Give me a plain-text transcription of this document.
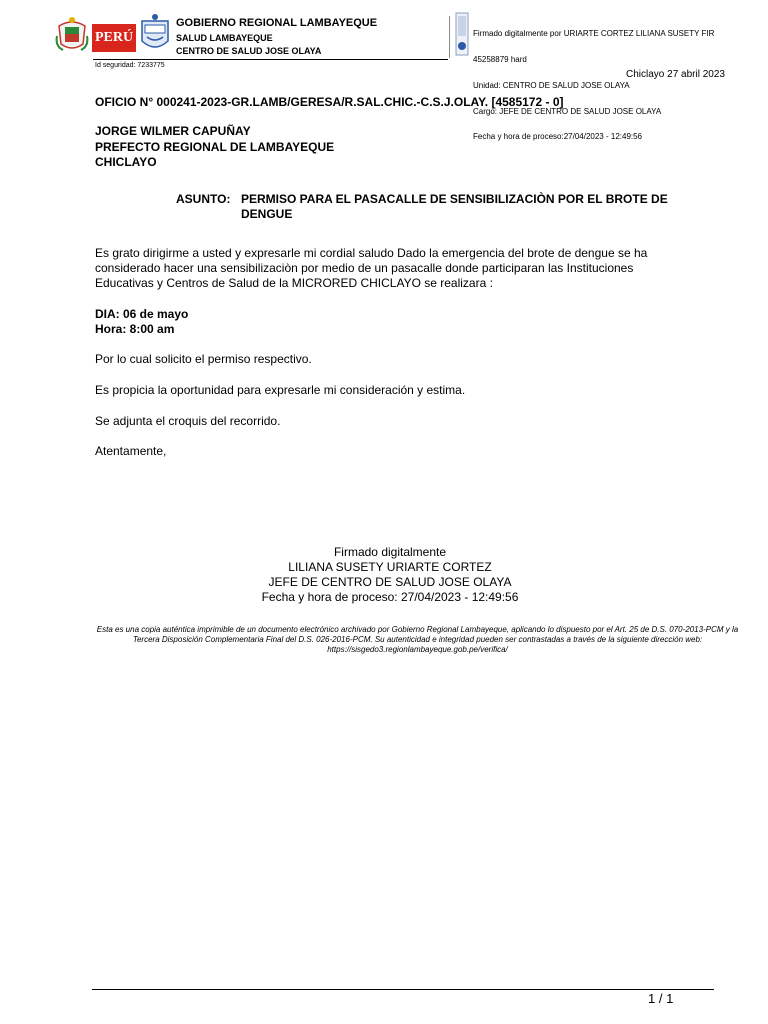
PERÚ
GOBIERNO REGIONAL LAMBAYEQUE
SALUD LAMBAYEQUE
CENTRO DE SALUD JOSE OLAYA

Firmado digitalmente por URIARTE CORTEZ LILIANA SUSETY FIR

45258879 hard

Unidad: CENTRO DE SALUD JOSE OLAYA

Cargo: JEFE DE CENTRO DE SALUD JOSE OLAYA

Fecha y hora de proceso:27/04/2023 - 12:49:56

Id seguridad: 7233775
Chiclayo 27 abril 2023
OFICIO N° 000241-2023-GR.LAMB/GERESA/R.SAL.CHIC.-C.S.J.OLAY. [4585172 - 0]
JORGE WILMER CAPUÑAY
PREFECTO REGIONAL DE LAMBAYEQUE
CHICLAYO
ASUNTO: PERMISO PARA EL PASACALLE DE SENSIBILIZACIÒN POR EL BROTE DE DENGUE
Es grato dirigirme a usted y expresarle mi cordial saludo Dado la emergencia del brote de dengue se ha considerado hacer una sensibilizaciòn por medio de un pasacalle donde participaran las Instituciones Educativas y Centros de Salud de la MICRORED CHICLAYO se realizara :
DIA: 06 de mayo
Hora: 8:00 am
Por lo cual solicito el permiso respectivo.
Es propicia la oportunidad para expresarle mi consideración y estima.
Se adjunta el croquis del recorrido.
Atentamente,
Firmado digitalmente
LILIANA SUSETY URIARTE CORTEZ
JEFE DE CENTRO DE SALUD JOSE OLAYA
Fecha y hora de proceso: 27/04/2023 - 12:49:56
Esta es una copia auténtica imprimible de un documento electrónico archivado por Gobierno Regional Lambayeque, aplicando lo dispuesto por el Art. 25 de D.S. 070-2013-PCM y la Tercera Disposición Complementaria Final del D.S. 026-2016-PCM. Su autenticidad e integridad pueden ser contrastadas a través de la siguiente dirección web: https://sisgedo3.regionlambayeque.gob.pe/verifica/
1 / 1
